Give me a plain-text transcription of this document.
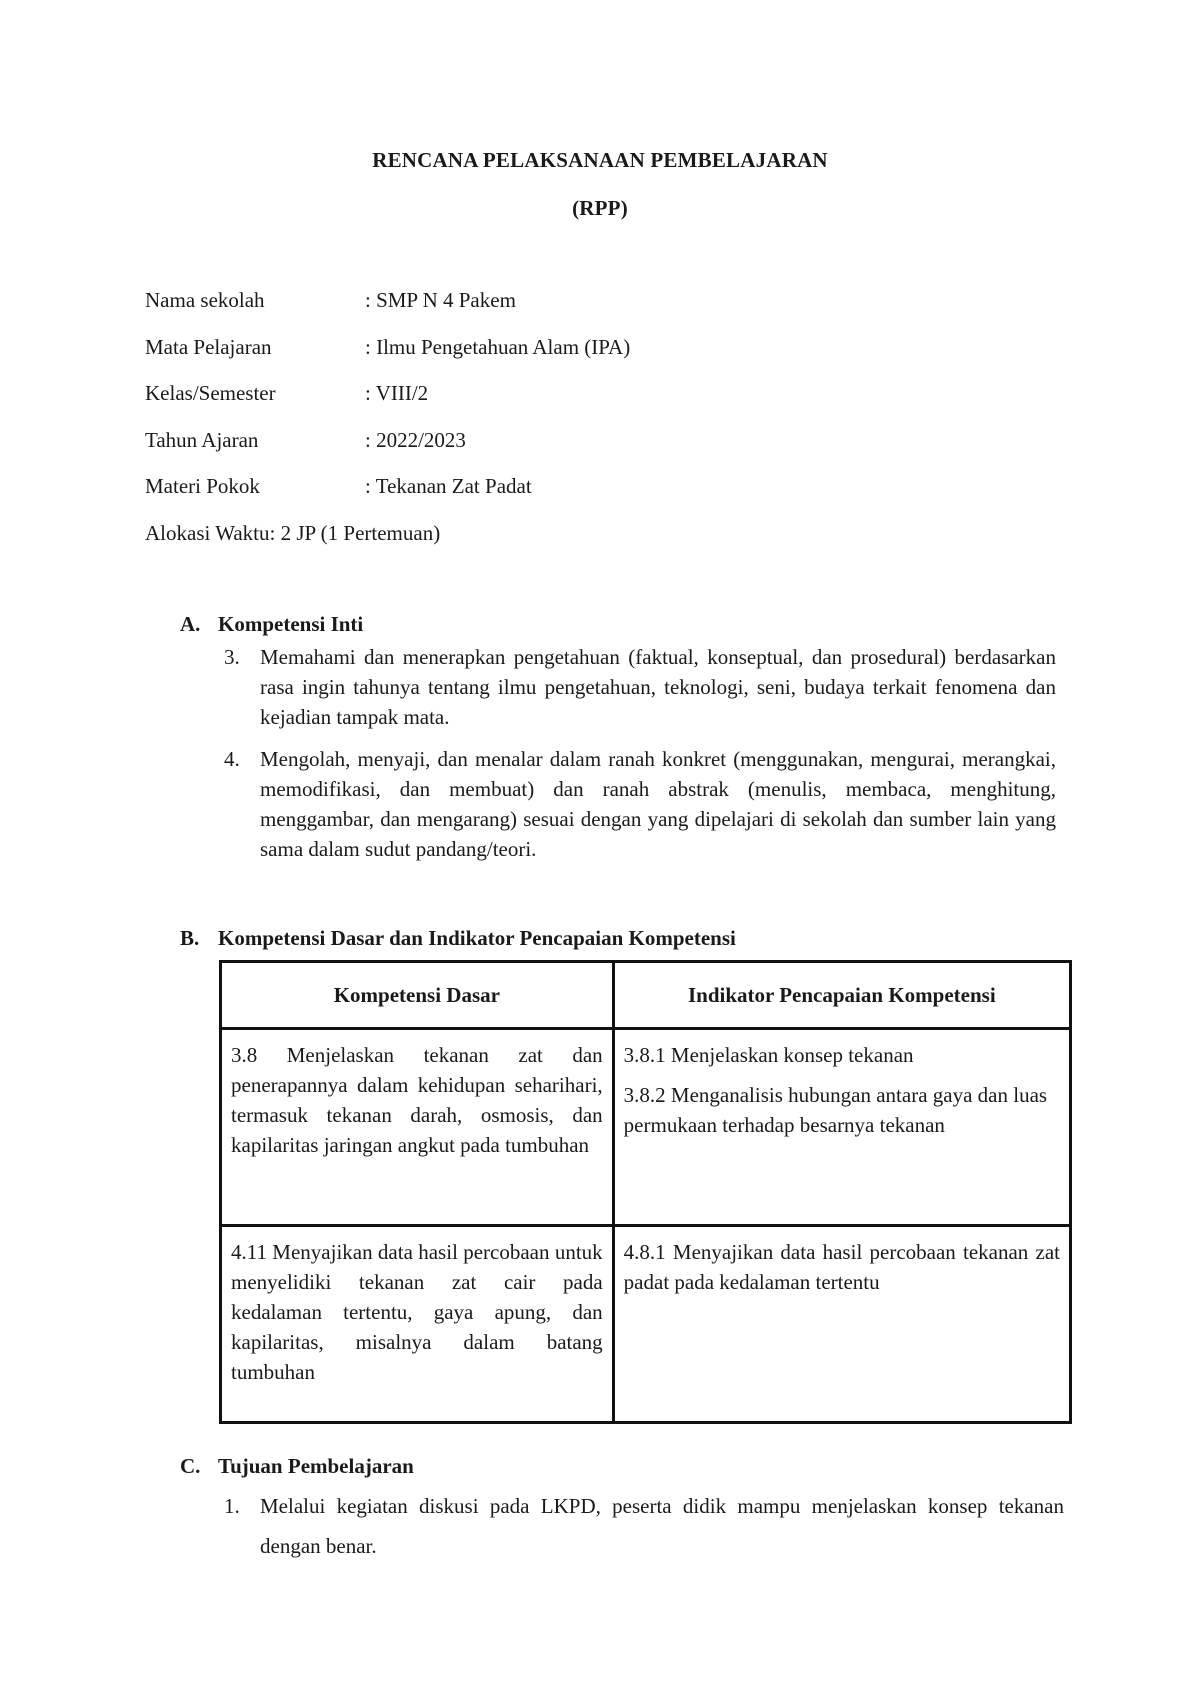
RENCANA PELAKSANAAN PEMBELAJARAN
(RPP)
Nama sekolah	: SMP N 4 Pakem
Mata Pelajaran	: Ilmu Pengetahuan Alam (IPA)
Kelas/Semester	: VIII/2
Tahun Ajaran	: 2022/2023
Materi Pokok	: Tekanan Zat Padat
Alokasi Waktu: 2 JP (1 Pertemuan)
A. Kompetensi Inti
3. Memahami dan menerapkan pengetahuan (faktual, konseptual, dan prosedural) berdasarkan rasa ingin tahunya tentang ilmu pengetahuan, teknologi, seni, budaya terkait fenomena dan kejadian tampak mata.
4. Mengolah, menyaji, dan menalar dalam ranah konkret (menggunakan, mengurai, merangkai, memodifikasi, dan membuat) dan ranah abstrak (menulis, membaca, menghitung, menggambar, dan mengarang) sesuai dengan yang dipelajari di sekolah dan sumber lain yang sama dalam sudut pandang/teori.
B. Kompetensi Dasar dan Indikator Pencapaian Kompetensi
Kompetensi Dasar	Indikator Pencapaian Kompetensi
3.8 Menjelaskan tekanan zat dan penerapannya dalam kehidupan seharihari, termasuk tekanan darah, osmosis, dan kapilaritas jaringan angkut pada tumbuhan	3.8.1 Menjelaskan konsep tekanan
3.8.2 Menganalisis hubungan antara gaya dan luas permukaan terhadap besarnya tekanan

4.11 Menyajikan data hasil percobaan untuk menyelidiki tekanan zat cair pada kedalaman tertentu, gaya apung, dan kapilaritas, misalnya dalam batang tumbuhan	4.8.1 Menyajikan data hasil percobaan tekanan zat padat pada kedalaman tertentu
C. Tujuan Pembelajaran
1. Melalui kegiatan diskusi pada LKPD, peserta didik mampu menjelaskan konsep tekanan dengan benar.
